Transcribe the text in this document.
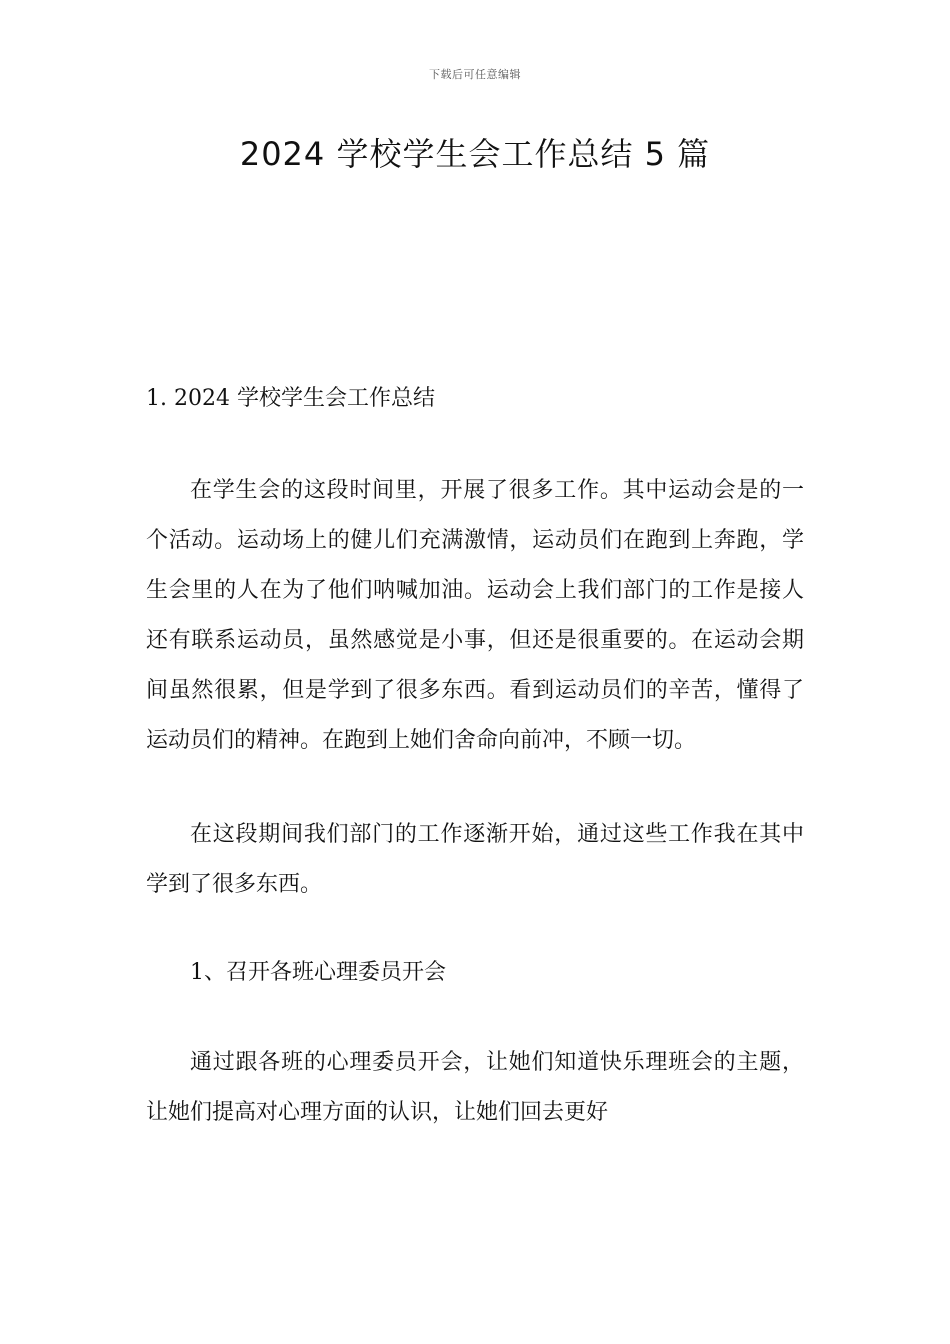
下载后可任意编辑
2024 学校学生会工作总结 5 篇

1. 2024 学校学生会工作总结

在学生会的这段时间里，开展了很多工作。其中运动会是的一个活动。运动场上的健儿们充满激情，运动员们在跑到上奔跑，学生会里的人在为了他们呐喊加油。运动会上我们部门的工作是接人还有联系运动员，虽然感觉是小事，但还是很重要的。在运动会期间虽然很累，但是学到了很多东西。看到运动员们的辛苦，懂得了运动员们的精神。在跑到上她们舍命向前冲，不顾一切。

在这段期间我们部门的工作逐渐开始，通过这些工作我在其中学到了很多东西。

1、召开各班心理委员开会

通过跟各班的心理委员开会，让她们知道快乐理班会的主题，让她们提高对心理方面的认识，让她们回去更好
